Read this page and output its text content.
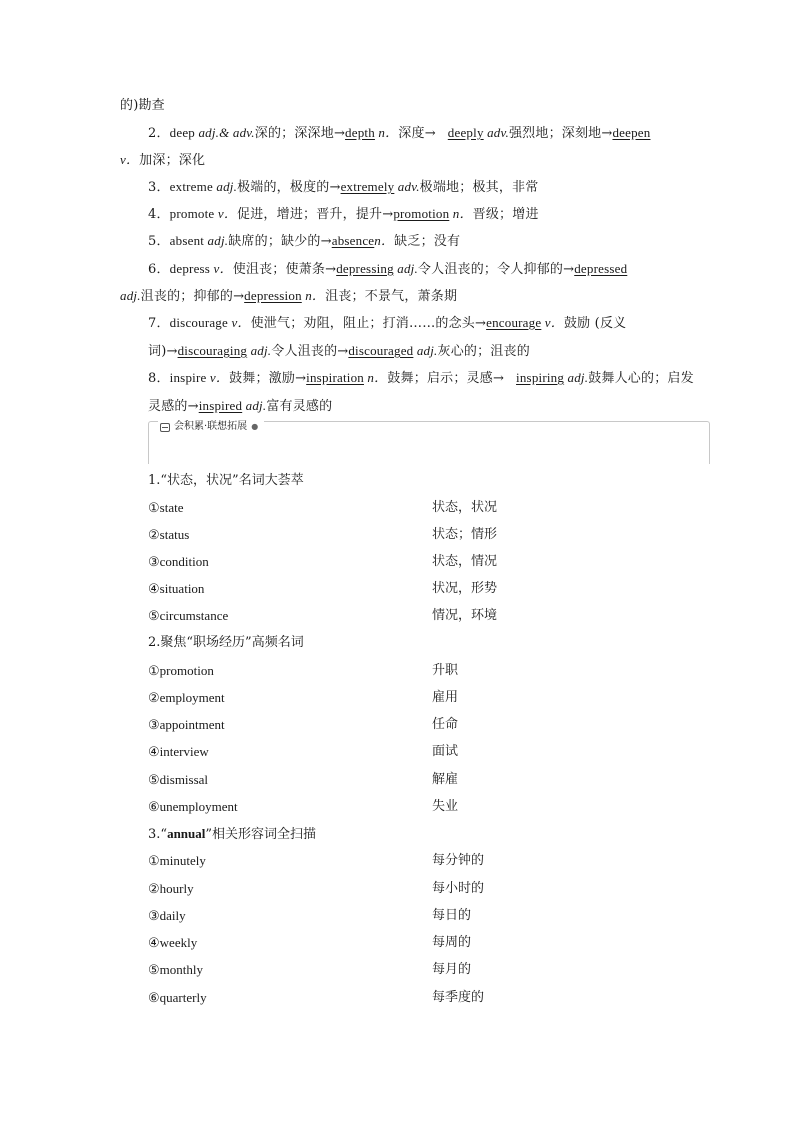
的)勘查
2．deep adj.& adv.深的；深深地→depth n．深度→ deeply adv.强烈地；深刻地→deepen
v．加深；深化
3．extreme adj.极端的，极度的→extremely adv.极端地；极其，非常
4．promote v．促进，增进；晋升，提升→promotion n．晋级；增进
5．absent adj.缺席的；缺少的→absencen．缺乏；没有
6．depress v．使沮丧；使萧条→depressing adj.令人沮丧的；令人抑郁的→depressed
adj.沮丧的；抑郁的→depression n．沮丧；不景气，萧条期
7．discourage v．使泄气；劝阻，阻止；打消……的念头→encourage v．鼓励 (反义词)→discouraging adj.令人沮丧的→discouraged adj.灰心的；沮丧的
8．inspire v．鼓舞；激励→inspiration n．鼓舞；启示；灵感→ inspiring adj.鼓舞人心的；启发灵感的→inspired adj.富有灵感的
会积累·联想拓展 ●
1.“状态，状况”名词大荟萃
①state	状态，状况
②status	状态；情形
③condition	状态，情况
④situation	状况，形势
⑤circumstance	情况，环境
2.聚焦“职场经历”高频名词
①promotion	升职
②employment	雇用
③appointment	任命
④interview	面试
⑤dismissal	解雇
⑥unemployment	失业
3.“annual”相关形容词全扫描
①minutely	每分钟的
②hourly	每小时的
③daily	每日的
④weekly	每周的
⑤monthly	每月的
⑥quarterly	每季度的
